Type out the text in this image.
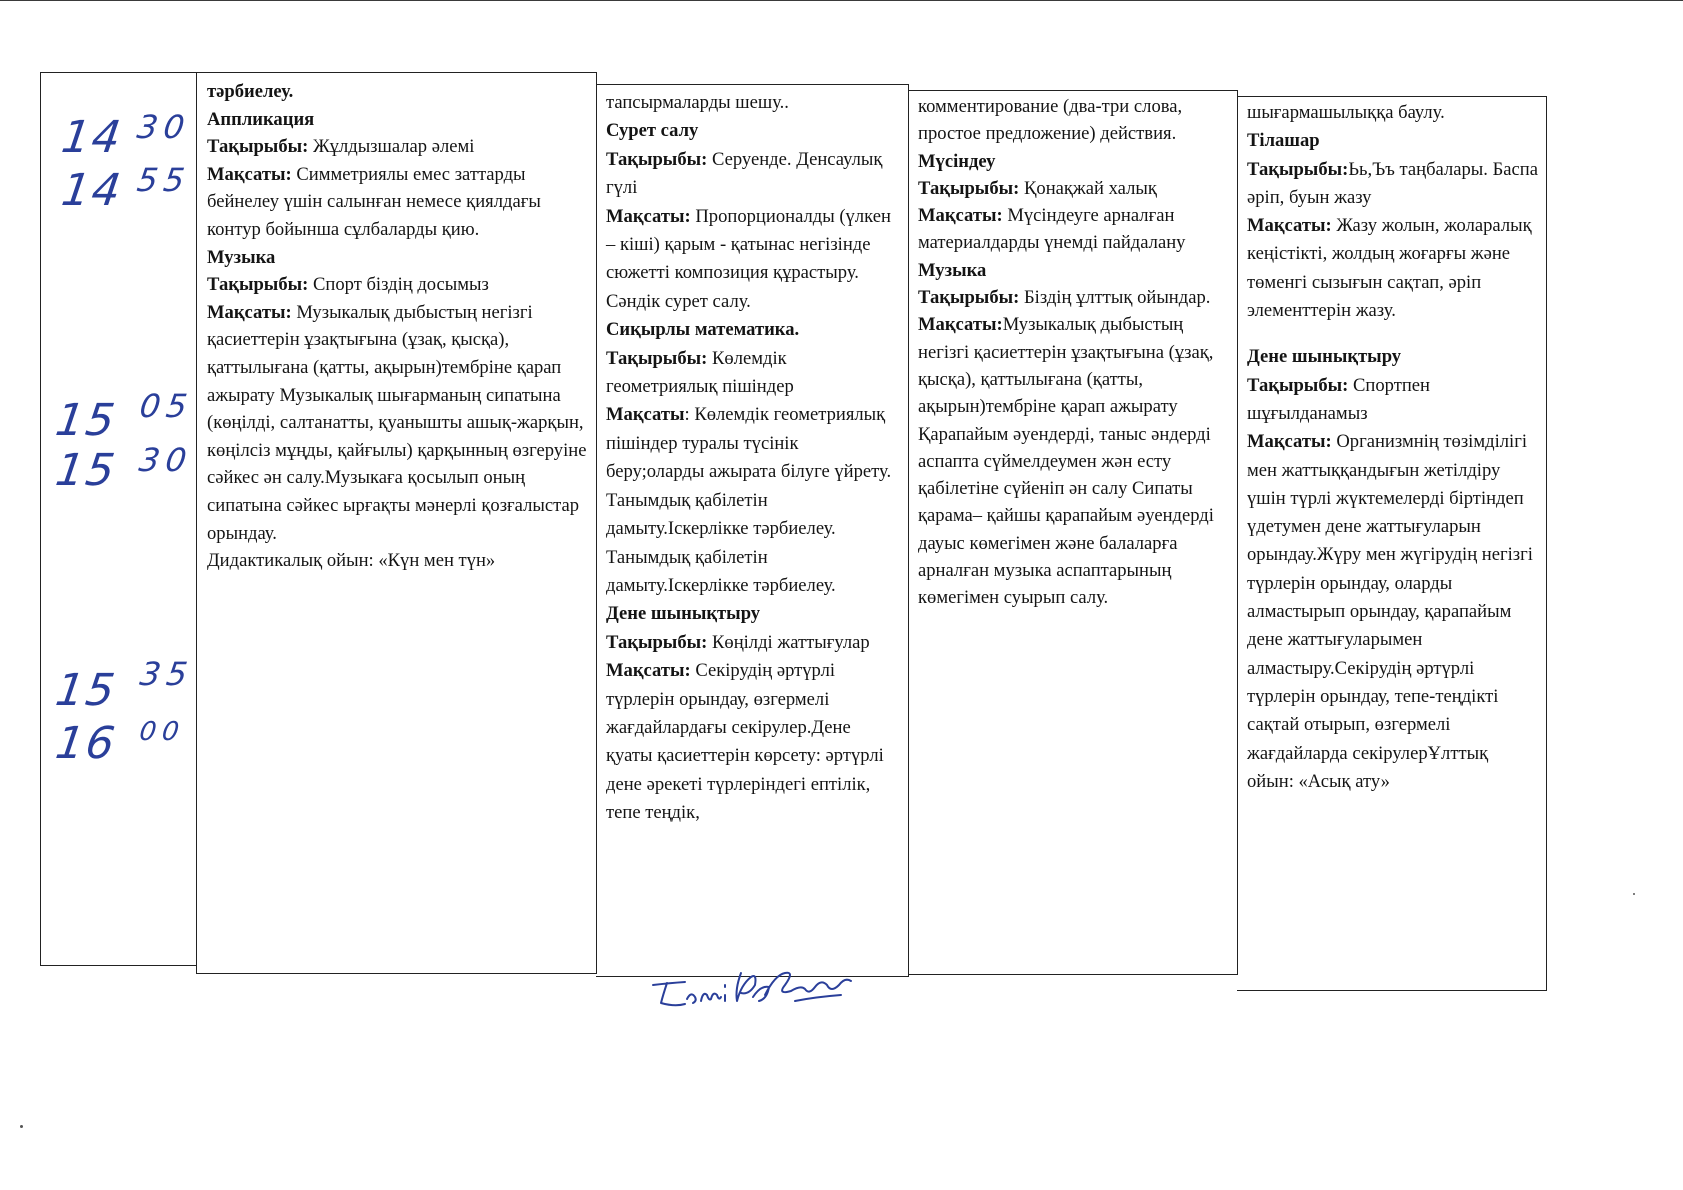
тәрбиелеу.

Аппликация

Тақырыбы: Жұлдызшалар әлемі

Мақсаты: Симметриялы емес заттарды бейнелеу үшін салынған немесе қиялдағы контур бойынша сұлбаларды қию.

Музыка

Тақырыбы: Спорт біздің досымыз

Мақсаты: Музыкалық дыбыстың негізгі қасиеттерін ұзақтығына (ұзақ, қысқа), қаттылығана (қатты, ақырын)тембріне қарап ажырату Музыкалық шығарманың сипатына (көңілді, салтанатты, қуанышты ашық-жарқын, көңілсіз мұңды, қайғылы) қарқынның өзгеруіне сәйкес ән салу.Музыкаға қосылып оның сипатына сәйкес ырғақты мәнерлі қозғалыстар орындау.

Дидактикалық ойын: «Күн мен түн»

тапсырмаларды шешу..

Сурет салу

Тақырыбы: Серуенде. Денсаулық гүлі

Мақсаты: Пропорционалды (үлкен – кіші) қарым - қатынас негізінде сюжетті композиция құрастыру. Сәндік сурет салу.

Сиқырлы математика.

Тақырыбы: Көлемдік геометриялық пішіндер

Мақсаты: Көлемдік геометриялық пішіндер туралы түсінік беру;оларды ажырата білуге үйрету. Танымдық қабілетін дамыту.Іскерлікке тәрбиелеу. Танымдық қабілетін дамыту.Іскерлікке тәрбиелеу.

Дене шынықтыру

Тақырыбы: Көңілді жаттығулар

Мақсаты: Секірудің әртүрлі түрлерін орындау, өзгермелі жағдайлардағы секірулер.Дене қуаты қасиеттерін көрсету: әртүрлі дене әрекеті түрлеріндегі ептілік, тепе теңдік,

комментирование (два-три слова, простое предложение) действия.

Мүсіндеу

Тақырыбы: Қонақжай халық

Мақсаты: Мүсіндеуге арналған материалдарды үнемді пайдалану

Музыка

Тақырыбы: Біздің ұлттық ойындар.

Мақсаты:Музыкалық дыбыстың негізгі қасиеттерін ұзақтығына (ұзақ, қысқа), қаттылығана (қатты, ақырын)тембріне қарап ажырату Қарапайым әуендерді, таныс әндерді аспапта сүймелдеумен жән есту қабілетіне сүйеніп ән салу Сипаты қарама– қайшы қарапайым әуендерді дауыс көмегімен және балаларға арналған музыка аспаптарының көмегімен суырып салу.

шығармашылыққа баулу.

Тілашар

Тақырыбы:Ьь,Ъъ таңбалары. Баспа әріп, буын жазу

Мақсаты: Жазу жолын, жоларалық кеңістікті, жолдың жоғарғы және төменгі сызығын сақтап, әріп элементтерін жазу.

Дене шынықтыру

Тақырыбы: Спортпен шұғылданамыз

Мақсаты: Организмнің төзімділігі мен жаттыққандығын жетілдіру үшін түрлі жүктемелерді біртіндеп үдетумен дене жаттығуларын орындау.Жүру мен жүгірудің негізгі түрлерін орындау, оларды алмастырып орындау, қарапайым дене жаттығуларымен алмастыру.Секірудің әртүрлі түрлерін орындау, тепе-теңдікті сақтай отырып, өзгермелі жағдайларда секірулерҰлттық ойын: «Асық ату»

14 30
14 55
15 05
15 30
15 35
16 00
